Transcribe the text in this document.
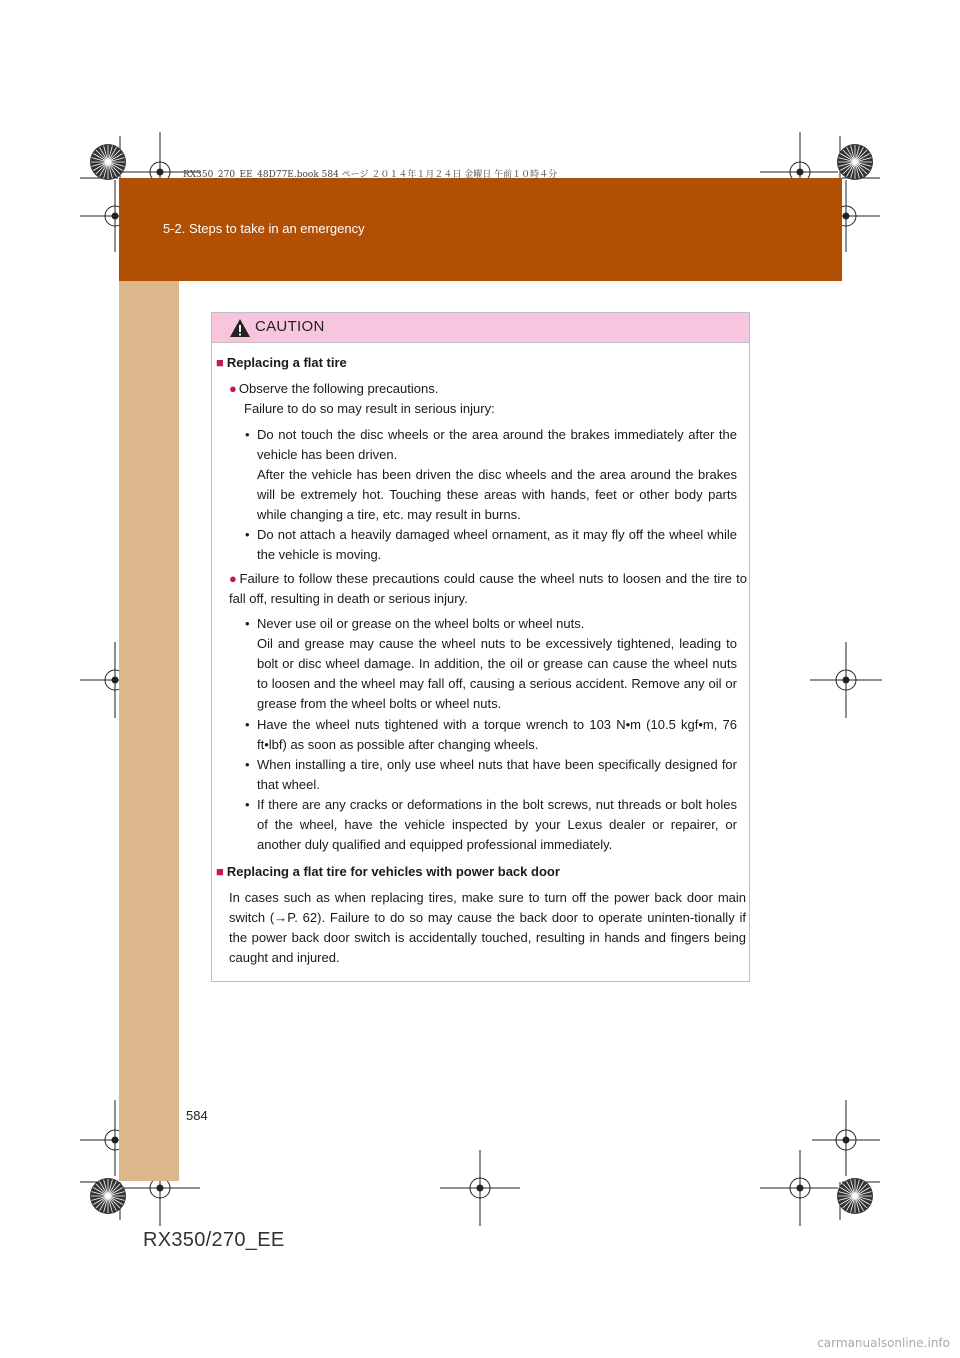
RX350_270_EE_48D77E.book 584 ページ ２０１４年１月２４日 金曜日 午前１０時４分
5-2. Steps to take in an emergency
CAUTION
■ Replacing a flat tire
● Observe the following precautions.
Failure to do so may result in serious injury:
• Do not touch the disc wheels or the area around the brakes immediately after the vehicle has been driven.
After the vehicle has been driven the disc wheels and the area around the brakes will be extremely hot. Touching these areas with hands, feet or other body parts while changing a tire, etc. may result in burns.
• Do not attach a heavily damaged wheel ornament, as it may fly off the wheel while the vehicle is moving.
● Failure to follow these precautions could cause the wheel nuts to loosen and the tire to fall off, resulting in death or serious injury.
• Never use oil or grease on the wheel bolts or wheel nuts.
Oil and grease may cause the wheel nuts to be excessively tightened, leading to bolt or disc wheel damage. In addition, the oil or grease can cause the wheel nuts to loosen and the wheel may fall off, causing a serious accident. Remove any oil or grease from the wheel bolts or wheel nuts.
• Have the wheel nuts tightened with a torque wrench to 103 N•m (10.5 kgf•m, 76 ft•lbf) as soon as possible after changing wheels.
• When installing a tire, only use wheel nuts that have been specifically designed for that wheel.
• If there are any cracks or deformations in the bolt screws, nut threads or bolt holes of the wheel, have the vehicle inspected by your Lexus dealer or repairer, or another duly qualified and equipped professional immediately.
■ Replacing a flat tire for vehicles with power back door
In cases such as when replacing tires, make sure to turn off the power back door main switch (→P. 62). Failure to do so may cause the back door to operate uninten-tionally if the power back door switch is accidentally touched, resulting in hands and fingers being caught and injured.
584
RX350/270_EE
carmanualsonline.info
